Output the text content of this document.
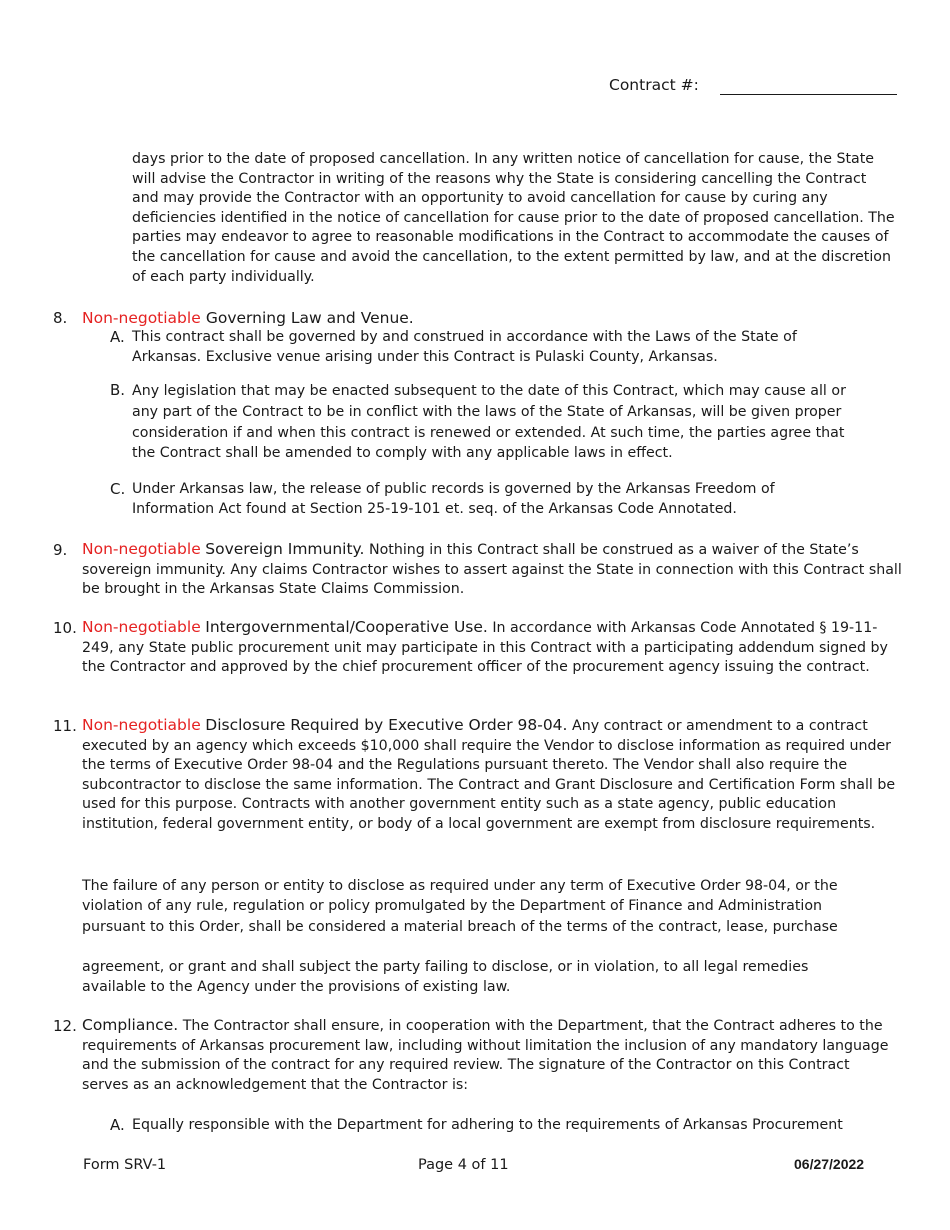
Contract #:
days prior to the date of proposed cancellation. In any written notice of cancellation for cause, the State will advise the Contractor in writing of the reasons why the State is considering cancelling the Contract and may provide the Contractor with an opportunity to avoid cancellation for cause by curing any deficiencies identified in the notice of cancellation for cause prior to the date of proposed cancellation. The parties may endeavor to agree to reasonable modifications in the Contract to accommodate the causes of the cancellation for cause and avoid the cancellation, to the extent permitted by law, and at the discretion of each party individually.
8. Non-negotiable Governing Law and Venue.
A. This contract shall be governed by and construed in accordance with the Laws of the State of Arkansas. Exclusive venue arising under this Contract is Pulaski County, Arkansas.
B. Any legislation that may be enacted subsequent to the date of this Contract, which may cause all or any part of the Contract to be in conflict with the laws of the State of Arkansas, will be given proper consideration if and when this contract is renewed or extended. At such time, the parties agree that the Contract shall be amended to comply with any applicable laws in effect.
C. Under Arkansas law, the release of public records is governed by the Arkansas Freedom of Information Act found at Section 25-19-101 et. seq. of the Arkansas Code Annotated.
9. Non-negotiable Sovereign Immunity. Nothing in this Contract shall be construed as a waiver of the State’s sovereign immunity. Any claims Contractor wishes to assert against the State in connection with this Contract shall be brought in the Arkansas State Claims Commission.
10. Non-negotiable Intergovernmental/Cooperative Use. In accordance with Arkansas Code Annotated § 19-11-249, any State public procurement unit may participate in this Contract with a participating addendum signed by the Contractor and approved by the chief procurement officer of the procurement agency issuing the contract.
11. Non-negotiable Disclosure Required by Executive Order 98-04. Any contract or amendment to a contract executed by an agency which exceeds $10,000 shall require the Vendor to disclose information as required under the terms of Executive Order 98-04 and the Regulations pursuant thereto. The Vendor shall also require the subcontractor to disclose the same information. The Contract and Grant Disclosure and Certification Form shall be used for this purpose. Contracts with another government entity such as a state agency, public education institution, federal government entity, or body of a local government are exempt from disclosure requirements.
The failure of any person or entity to disclose as required under any term of Executive Order 98-04, or the violation of any rule, regulation or policy promulgated by the Department of Finance and Administration pursuant to this Order, shall be considered a material breach of the terms of the contract, lease, purchase
agreement, or grant and shall subject the party failing to disclose, or in violation, to all legal remedies available to the Agency under the provisions of existing law.
12. Compliance. The Contractor shall ensure, in cooperation with the Department, that the Contract adheres to the requirements of Arkansas procurement law, including without limitation the inclusion of any mandatory language and the submission of the contract for any required review. The signature of the Contractor on this Contract serves as an acknowledgement that the Contractor is:
A. Equally responsible with the Department for adhering to the requirements of Arkansas Procurement
Form SRV-1	Page 4 of 11	06/27/2022
